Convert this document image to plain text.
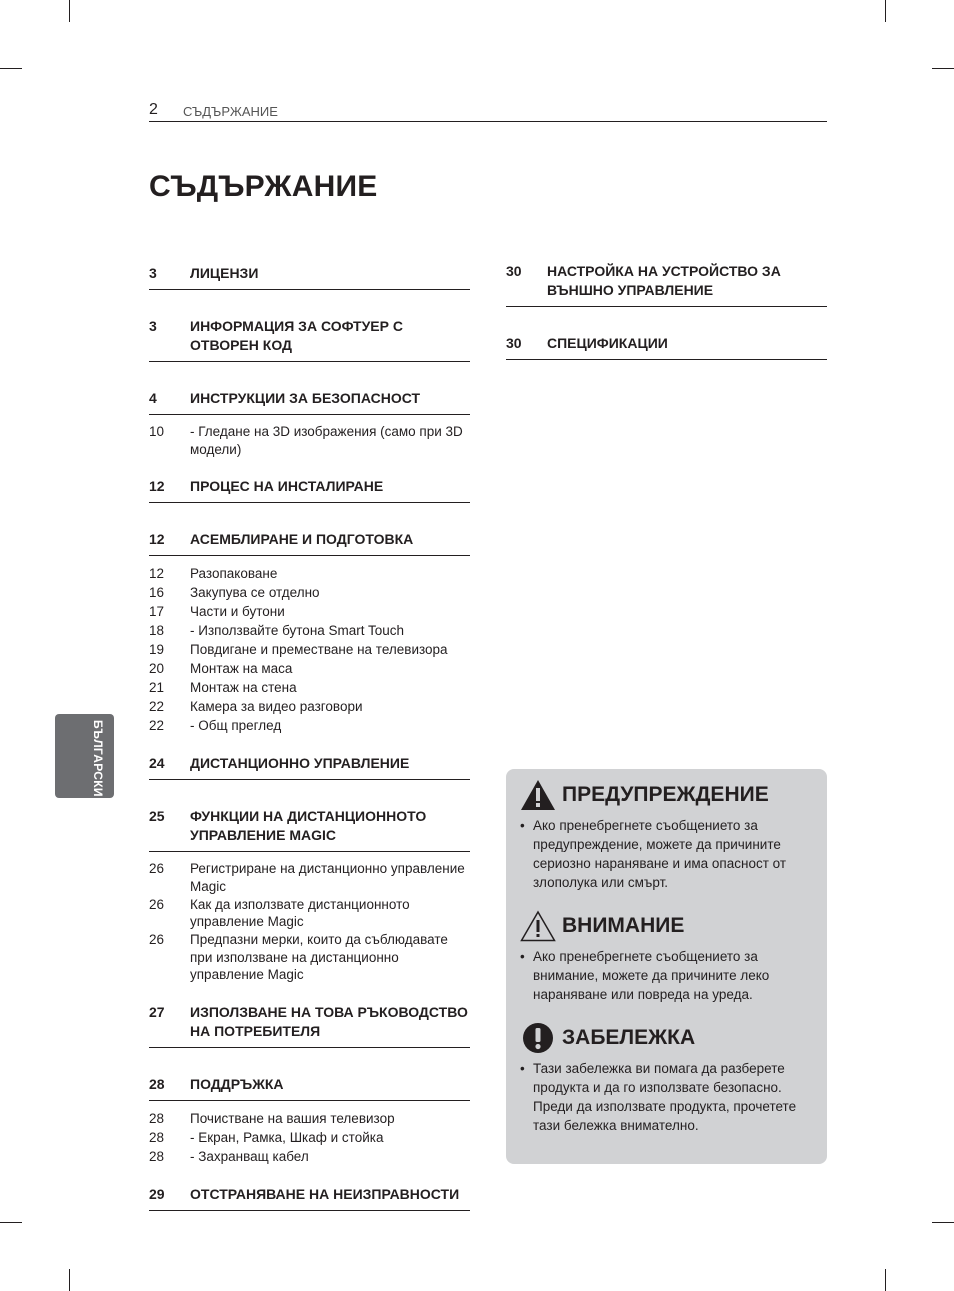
2 СЪДЪРЖАНИЕ
СЪДЪРЖАНИЕ
БЪЛГАРСКИ
3	ЛИЦЕНЗИ
3	ИНФОРМАЦИЯ ЗА СОФТУЕР С ОТВОРЕН КОД
4	ИНСТРУКЦИИ ЗА БЕЗОПАСНОСТ
10	- Гледане на 3D изображения (само при 3D модели)
12	ПРОЦЕС НА ИНСТАЛИРАНЕ
12	АСЕМБЛИРАНЕ И ПОДГОТОВКА
12	Разопаковане
16	Закупува се отделно
17	Части и бутони
18	- Използвайте бутона Smart Touch
19	Повдигане и преместване на телевизора
20	Монтаж на маса
21	Монтаж на стена
22	Камера за видео разговори
22	- Общ преглед
24	ДИСТАНЦИОННО УПРАВЛЕНИЕ
25	ФУНКЦИИ НА ДИСТАНЦИОННОТО УПРАВЛЕНИЕ MAGIC
26	Регистриране на дистанционно управление Magic
26	Как да използвате дистанционното управление Magic
26	Предпазни мерки, които да съблюдавате при използване на дистанционно управление Magic
27	ИЗПОЛЗВАНЕ НА ТОВА РЪКОВОДСТВО НА ПОТРЕБИТЕЛЯ
28	ПОДДРЪЖКА
28	Почистване на вашия телевизор
28	- Екран, Рамка, Шкаф и стойка
28	- Захранващ кабел
29	ОТСТРАНЯВАНЕ НА НЕИЗПРАВНОСТИ
30	НАСТРОЙКА НА УСТРОЙСТВО ЗА ВЪНШНО УПРАВЛЕНИЕ
30	СПЕЦИФИКАЦИИ
ПРЕДУПРЕЖДЕНИЕ
• Ако пренебрегнете съобщението за предупреждение, можете да причините сериозно нараняване и има опасност от злополука или смърт.
ВНИМАНИЕ
• Ако пренебрегнете съобщението за внимание, можете да причините леко нараняване или повреда на уреда.
ЗАБЕЛЕЖКА
• Тази забележка ви помага да разберете продукта и да го използвате безопасно. Преди да използвате продукта, прочетете тази бележка внимателно.
